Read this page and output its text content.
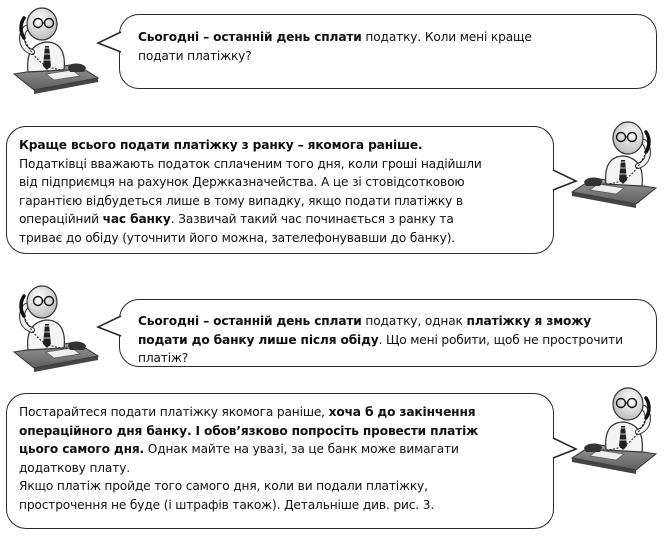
Сьогодні – останній день сплати податку. Коли мені краще подати платіжку?

Краще всього подати платіжку з ранку – якомога раніше.

Податківці вважають податок сплаченим того дня, коли гроші надійшли від підприємця на рахунок Держказначейства. А це зі стовідсотковою гарантією відбудеться лише в тому випадку, якщо подати платіжку в операційний час банку. Зазвичай такий час починається з ранку та триває до обіду (уточнити його можна, зателефонувавши до банку).

Сьогодні – останній день сплати податку, однак платіжку я зможу подати до банку лише після обіду. Що мені робити, щоб не прострочити платіж?

Постарайтеся подати платіжку якомога раніше, хоча б до закінчення операційного дня банку. І обов’язково попросіть провести платіж цього самого дня. Однак майте на увазі, за це банк може вимагати додаткову плату.

Якщо платіж пройде того самого дня, коли ви подали платіжку, прострочення не буде (і штрафів також). Детальніше див. рис. 3.
